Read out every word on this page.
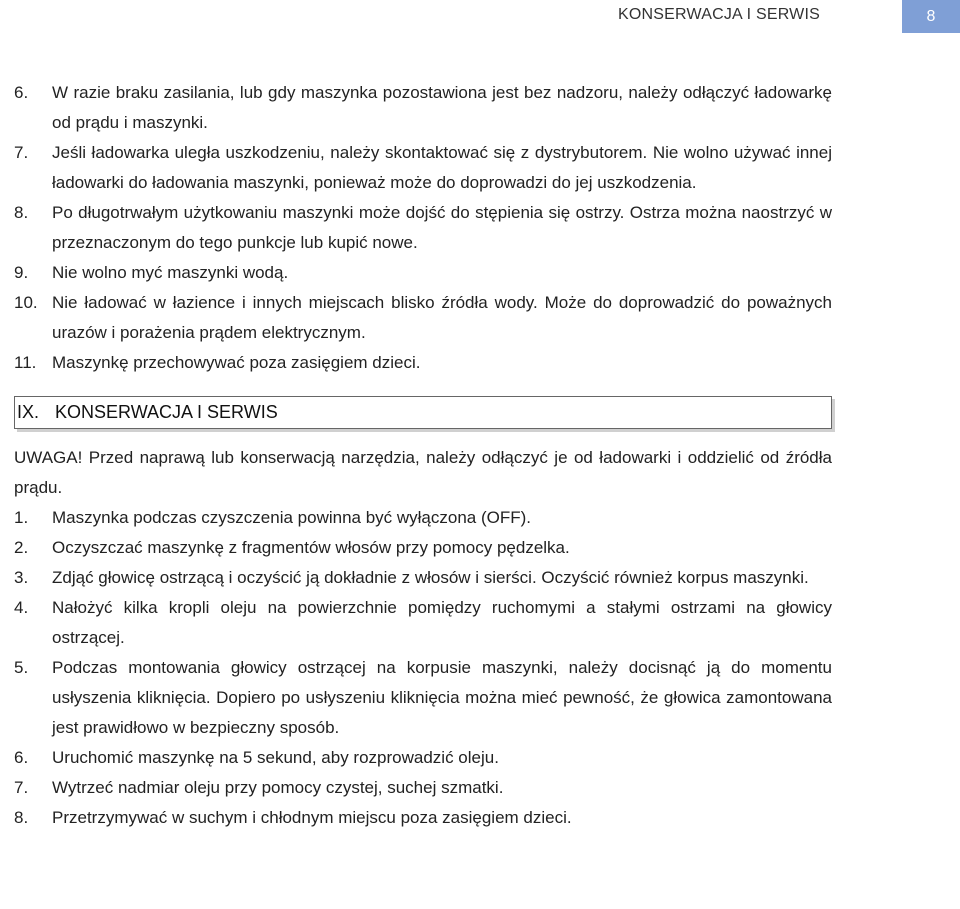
KONSERWACJA I SERWIS	8
6.	W razie braku zasilania, lub gdy maszynka pozostawiona jest bez nadzoru, należy odłączyć ładowarkę od prądu i maszynki.
7.	Jeśli ładowarka uległa uszkodzeniu, należy skontaktować się z dystrybutorem. Nie wolno używać innej ładowarki do ładowania maszynki, ponieważ może do doprowadzi do jej uszkodzenia.
8.	Po długotrwałym użytkowaniu maszynki może dojść do stępienia się ostrzy. Ostrza można naostrzyć w przeznaczonym do tego punkcje lub kupić nowe.
9.	Nie wolno myć maszynki wodą.
10. Nie ładować w łazience i innych miejscach blisko źródła wody. Może do doprowadzić do poważnych urazów i porażenia prądem elektrycznym.
11. Maszynkę przechowywać poza zasięgiem dzieci.
IX. KONSERWACJA I SERWIS
UWAGA! Przed naprawą lub konserwacją narzędzia, należy odłączyć je od ładowarki i oddzielić od źródła prądu.
1.	Maszynka podczas czyszczenia powinna być wyłączona (OFF).
2.	Oczyszczać maszynkę z fragmentów włosów przy pomocy pędzelka.
3.	Zdjąć głowicę ostrzącą i oczyścić ją dokładnie z włosów i sierści. Oczyścić również korpus maszynki.
4.	Nałożyć kilka kropli oleju na powierzchnie pomiędzy ruchomymi a stałymi ostrzami na głowicy ostrzącej.
5.	Podczas montowania głowicy ostrzącej na korpusie maszynki, należy docisnąć ją do momentu usłyszenia kliknięcia. Dopiero po usłyszeniu kliknięcia można mieć pewność, że głowica zamontowana jest prawidłowo w bezpieczny sposób.
6.	Uruchomić maszynkę na 5 sekund, aby rozprowadzić oleju.
7.	Wytrzeć nadmiar oleju przy pomocy czystej, suchej szmatki.
8.	Przetrzymywać w suchym i chłodnym miejscu poza zasięgiem dzieci.
